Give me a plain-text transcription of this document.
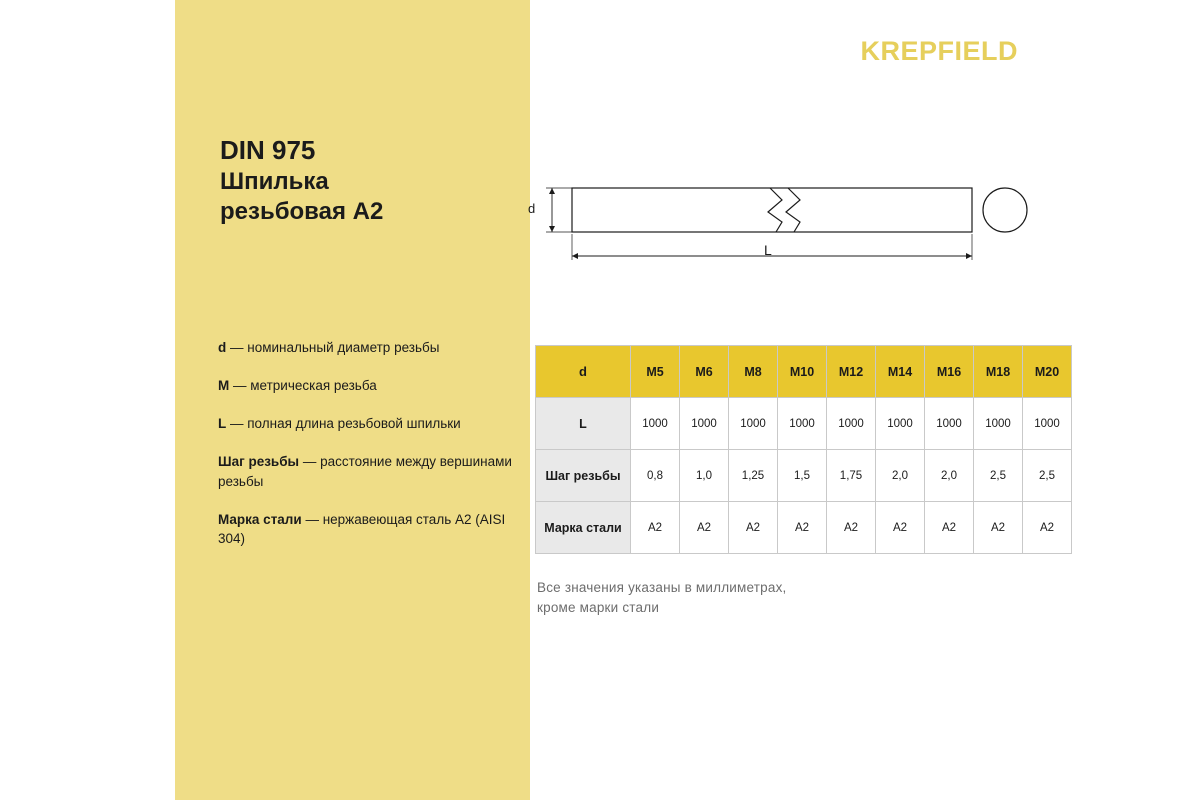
KREPFIELD
DIN 975
Шпилька
резьбовая А2
d — номинальный диаметр резьбы
M — метрическая резьба
L — полная длина резьбовой шпильки
Шаг резьбы — расстояние между вершинами резьбы
Марка стали — нержавеющая сталь А2 (AISI 304)
d
L
d	M5	M6	M8	M10	M12	M14	M16	M18	M20
L	1000	1000	1000	1000	1000	1000	1000	1000	1000
Шаг резьбы	0,8	1,0	1,25	1,5	1,75	2,0	2,0	2,5	2,5
Марка стали	А2	А2	А2	А2	А2	А2	А2	А2	А2
Все значения указаны в миллиметрах,
кроме марки стали
